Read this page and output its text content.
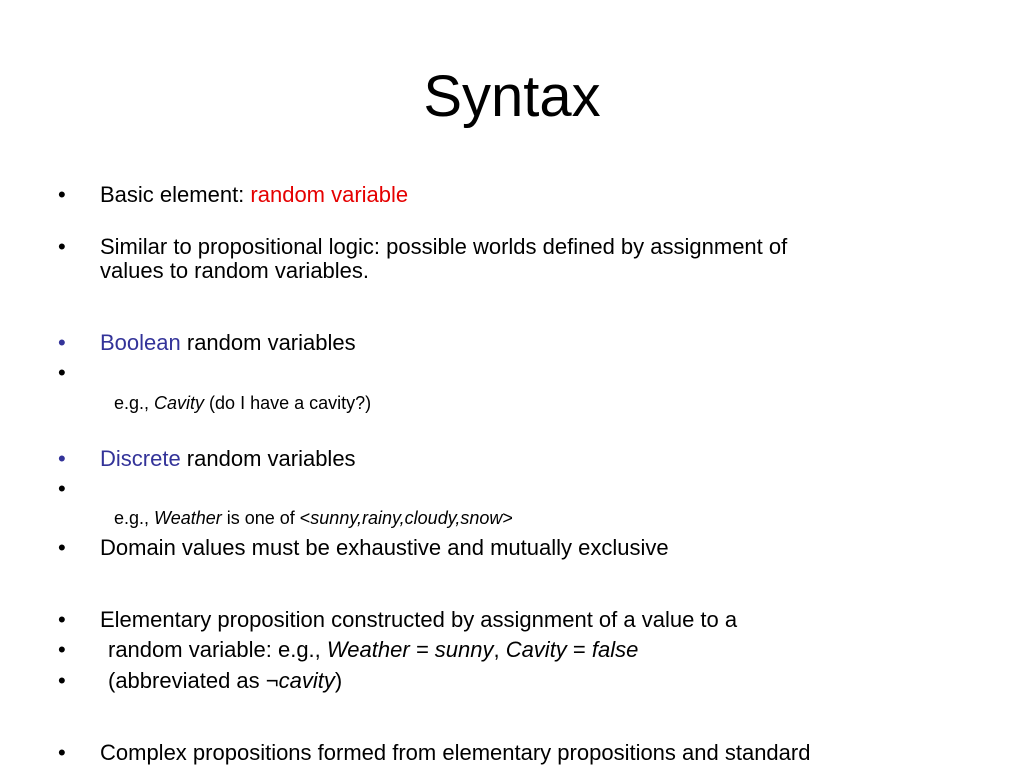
Syntax
• Basic element: random variable
• Similar to propositional logic: possible worlds defined by assignment of
values to random variables.
• Boolean random variables
•
e.g., Cavity (do I have a cavity?)
• Discrete random variables
•
e.g., Weather is one of <sunny,rainy,cloudy,snow>
• Domain values must be exhaustive and mutually exclusive
• Elementary proposition constructed by assignment of a value to a
• random variable: e.g., Weather = sunny, Cavity = false
• (abbreviated as ¬cavity)
• Complex propositions formed from elementary propositions and standard
